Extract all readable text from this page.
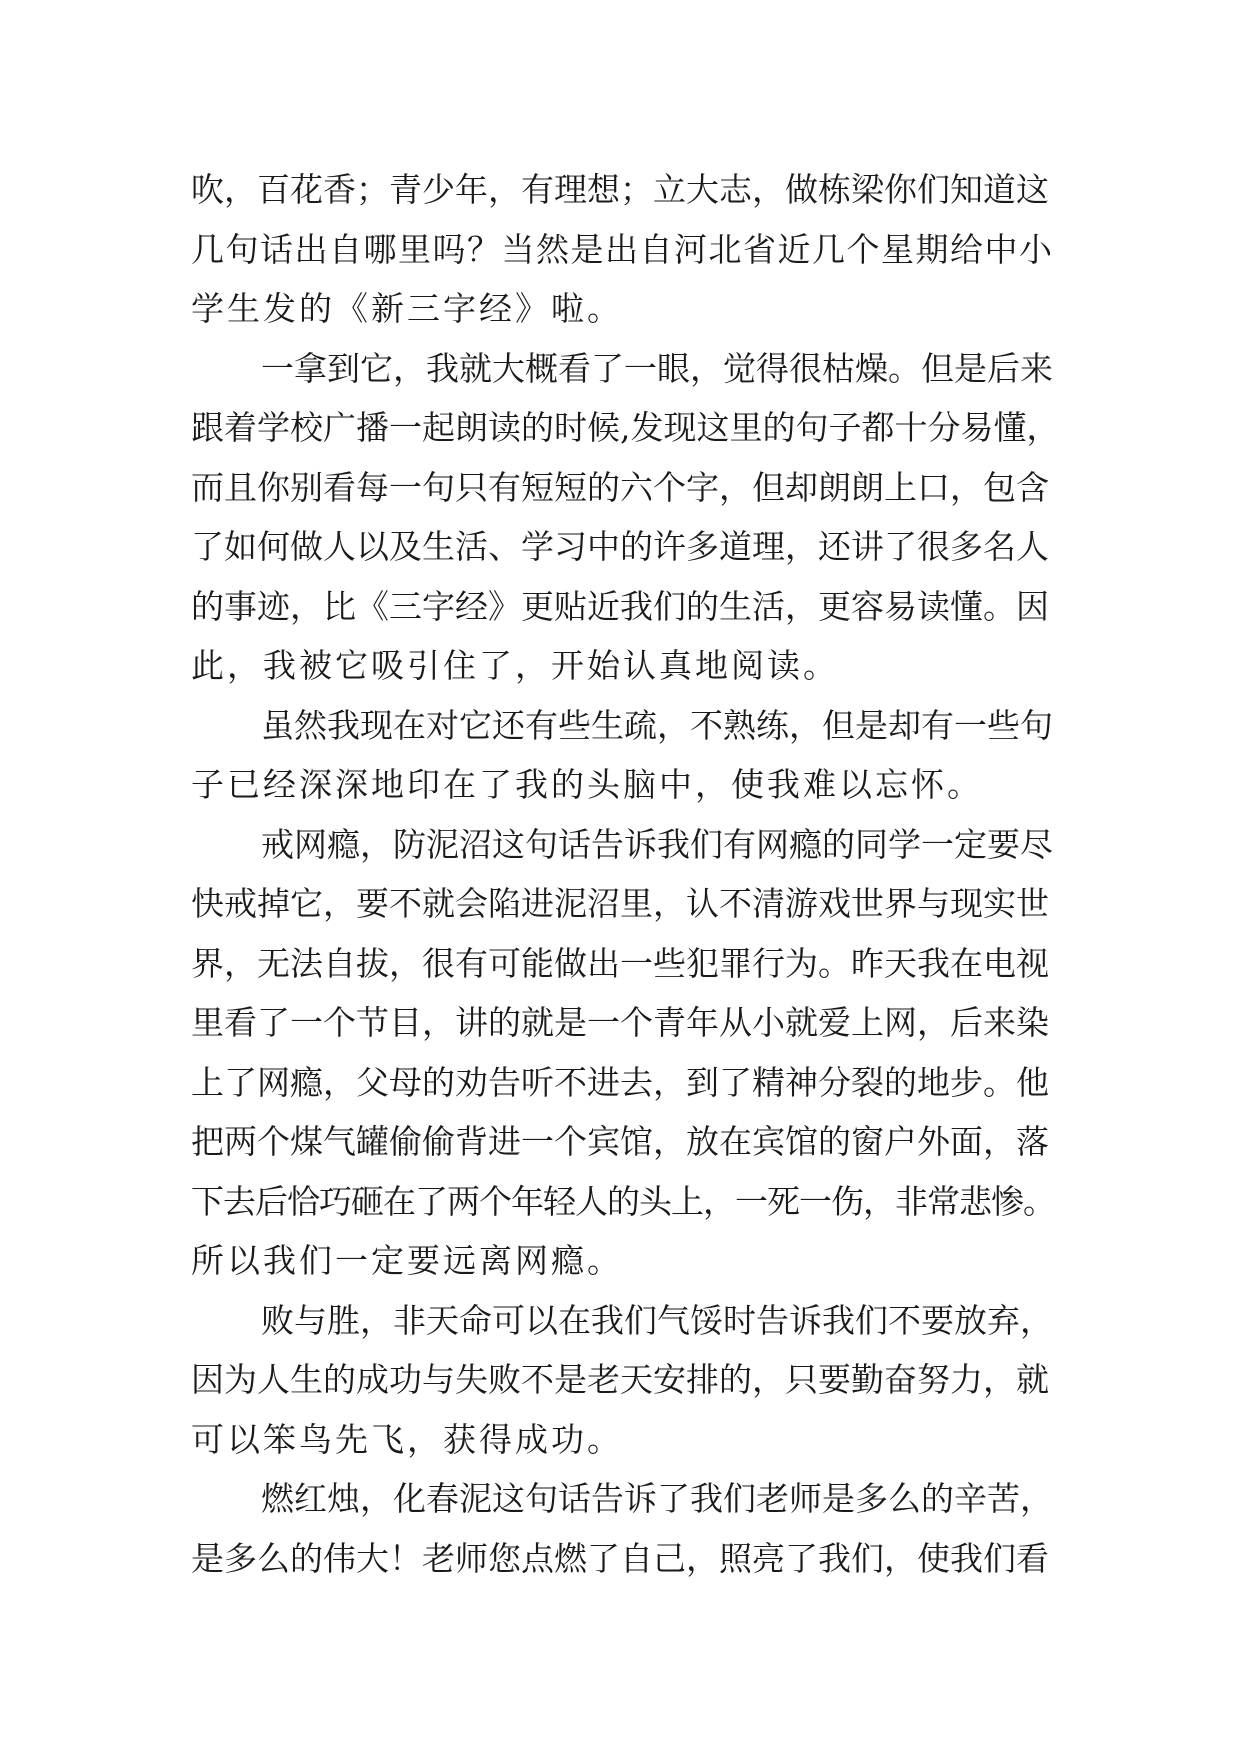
吹，百花香；青少年，有理想；立大志，做栋梁你们知道这
几句话出自哪里吗？当然是出自河北省近几个星期给中小
学生发的《新三字经》啦。
一拿到它，我就大概看了一眼，觉得很枯燥。但是后来
跟着学校广播一起朗读的时候,发现这里的句子都十分易懂，
而且你别看每一句只有短短的六个字，但却朗朗上口，包含
了如何做人以及生活、学习中的许多道理，还讲了很多名人
的事迹，比《三字经》更贴近我们的生活，更容易读懂。因
此，我被它吸引住了，开始认真地阅读。
虽然我现在对它还有些生疏，不熟练，但是却有一些句
子已经深深地印在了我的头脑中，使我难以忘怀。
戒网瘾，防泥沼这句话告诉我们有网瘾的同学一定要尽
快戒掉它，要不就会陷进泥沼里，认不清游戏世界与现实世
界，无法自拔，很有可能做出一些犯罪行为。昨天我在电视
里看了一个节目，讲的就是一个青年从小就爱上网，后来染
上了网瘾，父母的劝告听不进去，到了精神分裂的地步。他
把两个煤气罐偷偷背进一个宾馆，放在宾馆的窗户外面，落
下去后恰巧砸在了两个年轻人的头上，一死一伤，非常悲惨。
所以我们一定要远离网瘾。
败与胜，非天命可以在我们气馁时告诉我们不要放弃，
因为人生的成功与失败不是老天安排的，只要勤奋努力，就
可以笨鸟先飞，获得成功。
燃红烛，化春泥这句话告诉了我们老师是多么的辛苦，
是多么的伟大！老师您点燃了自己，照亮了我们，使我们看
